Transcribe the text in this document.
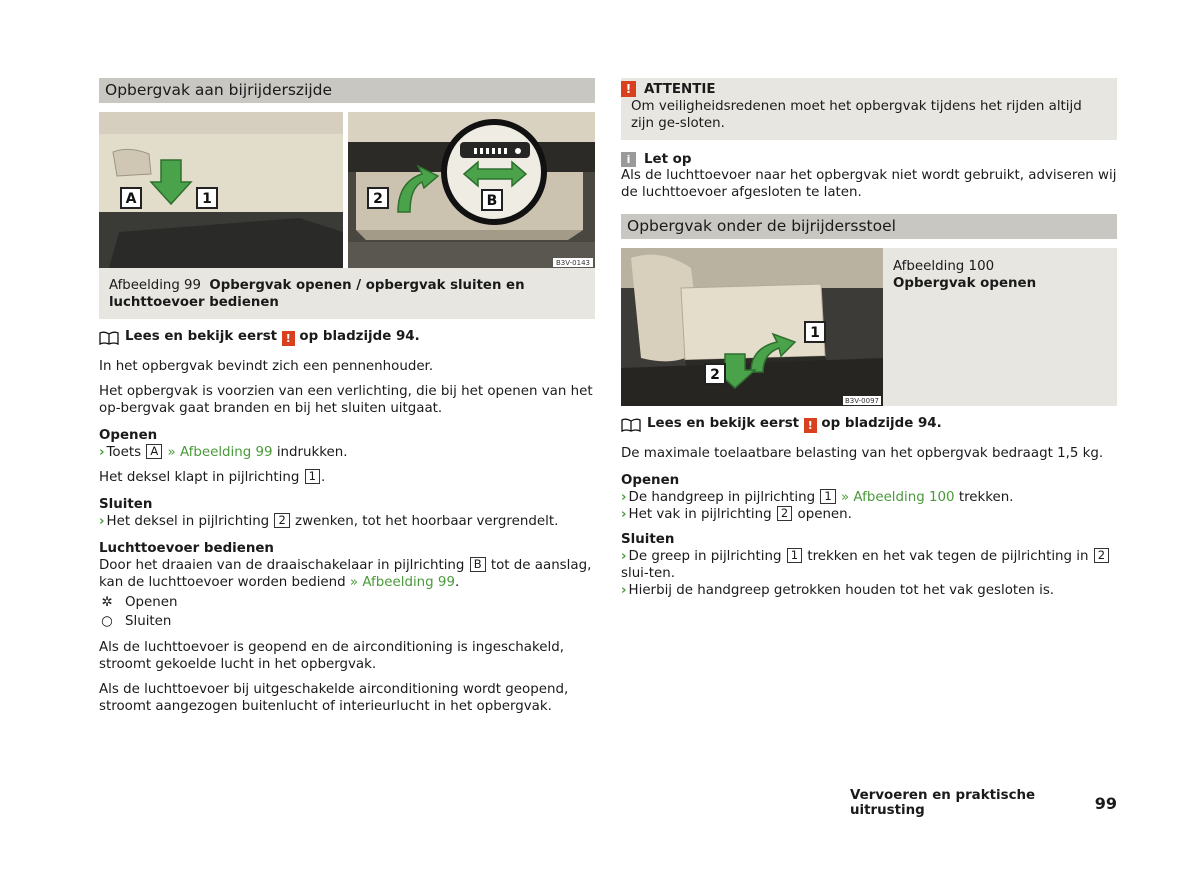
Opbergvak aan bijrijderszijde
A	1	B
2
B3V-0143
Afbeelding 99 Opbergvak openen / opbergvak sluiten en luchttoevoer bedienen
Lees en bekijk eerst ! op bladzijde 94.

In het opbergvak bevindt zich een pennenhouder.

Het opbergvak is voorzien van een verlichting, die bij het openen van het op-bergvak gaat branden en bij het sluiten uitgaat.

Openen

› Toets A » Afbeelding 99 indrukken.

Het deksel klapt in pijlrichting 1 .

Sluiten

› Het deksel in pijlrichting 2 zwenken, tot het hoorbaar vergrendelt.

Luchttoevoer bedienen

Door het draaien van de draaischakelaar in pijlrichting B tot de aanslag, kan de luchttoevoer worden bediend » Afbeelding 99.

✲ Openen
○ Sluiten

Als de luchttoevoer is geopend en de airconditioning is ingeschakeld, stroomt gekoelde lucht in het opbergvak.

Als de luchttoevoer bij uitgeschakelde airconditioning wordt geopend, stroomt aangezogen buitenlucht of interieurlucht in het opbergvak.

! ATTENTIE

Om veiligheidsredenen moet het opbergvak tijdens het rijden altijd zijn ge-sloten.

i	Let op

Als de luchttoevoer naar het opbergvak niet wordt gebruikt, adviseren wij de luchttoevoer afgesloten te laten.

Opbergvak onder de bijrijdersstoel
1
2
B3V-0097
Afbeelding 100
Opbergvak openen
Lees en bekijk eerst ! op bladzijde 94.

De maximale toelaatbare belasting van het opbergvak bedraagt 1,5 kg.

Openen

› De handgreep in pijlrichting 1 » Afbeelding 100 trekken.

› Het vak in pijlrichting 2 openen.

Sluiten

› De greep in pijlrichting 1 trekken en het vak tegen de pijlrichting in 2 slui-ten.

› Hierbij de handgreep getrokken houden tot het vak gesloten is.

Vervoeren en praktische uitrusting	99
